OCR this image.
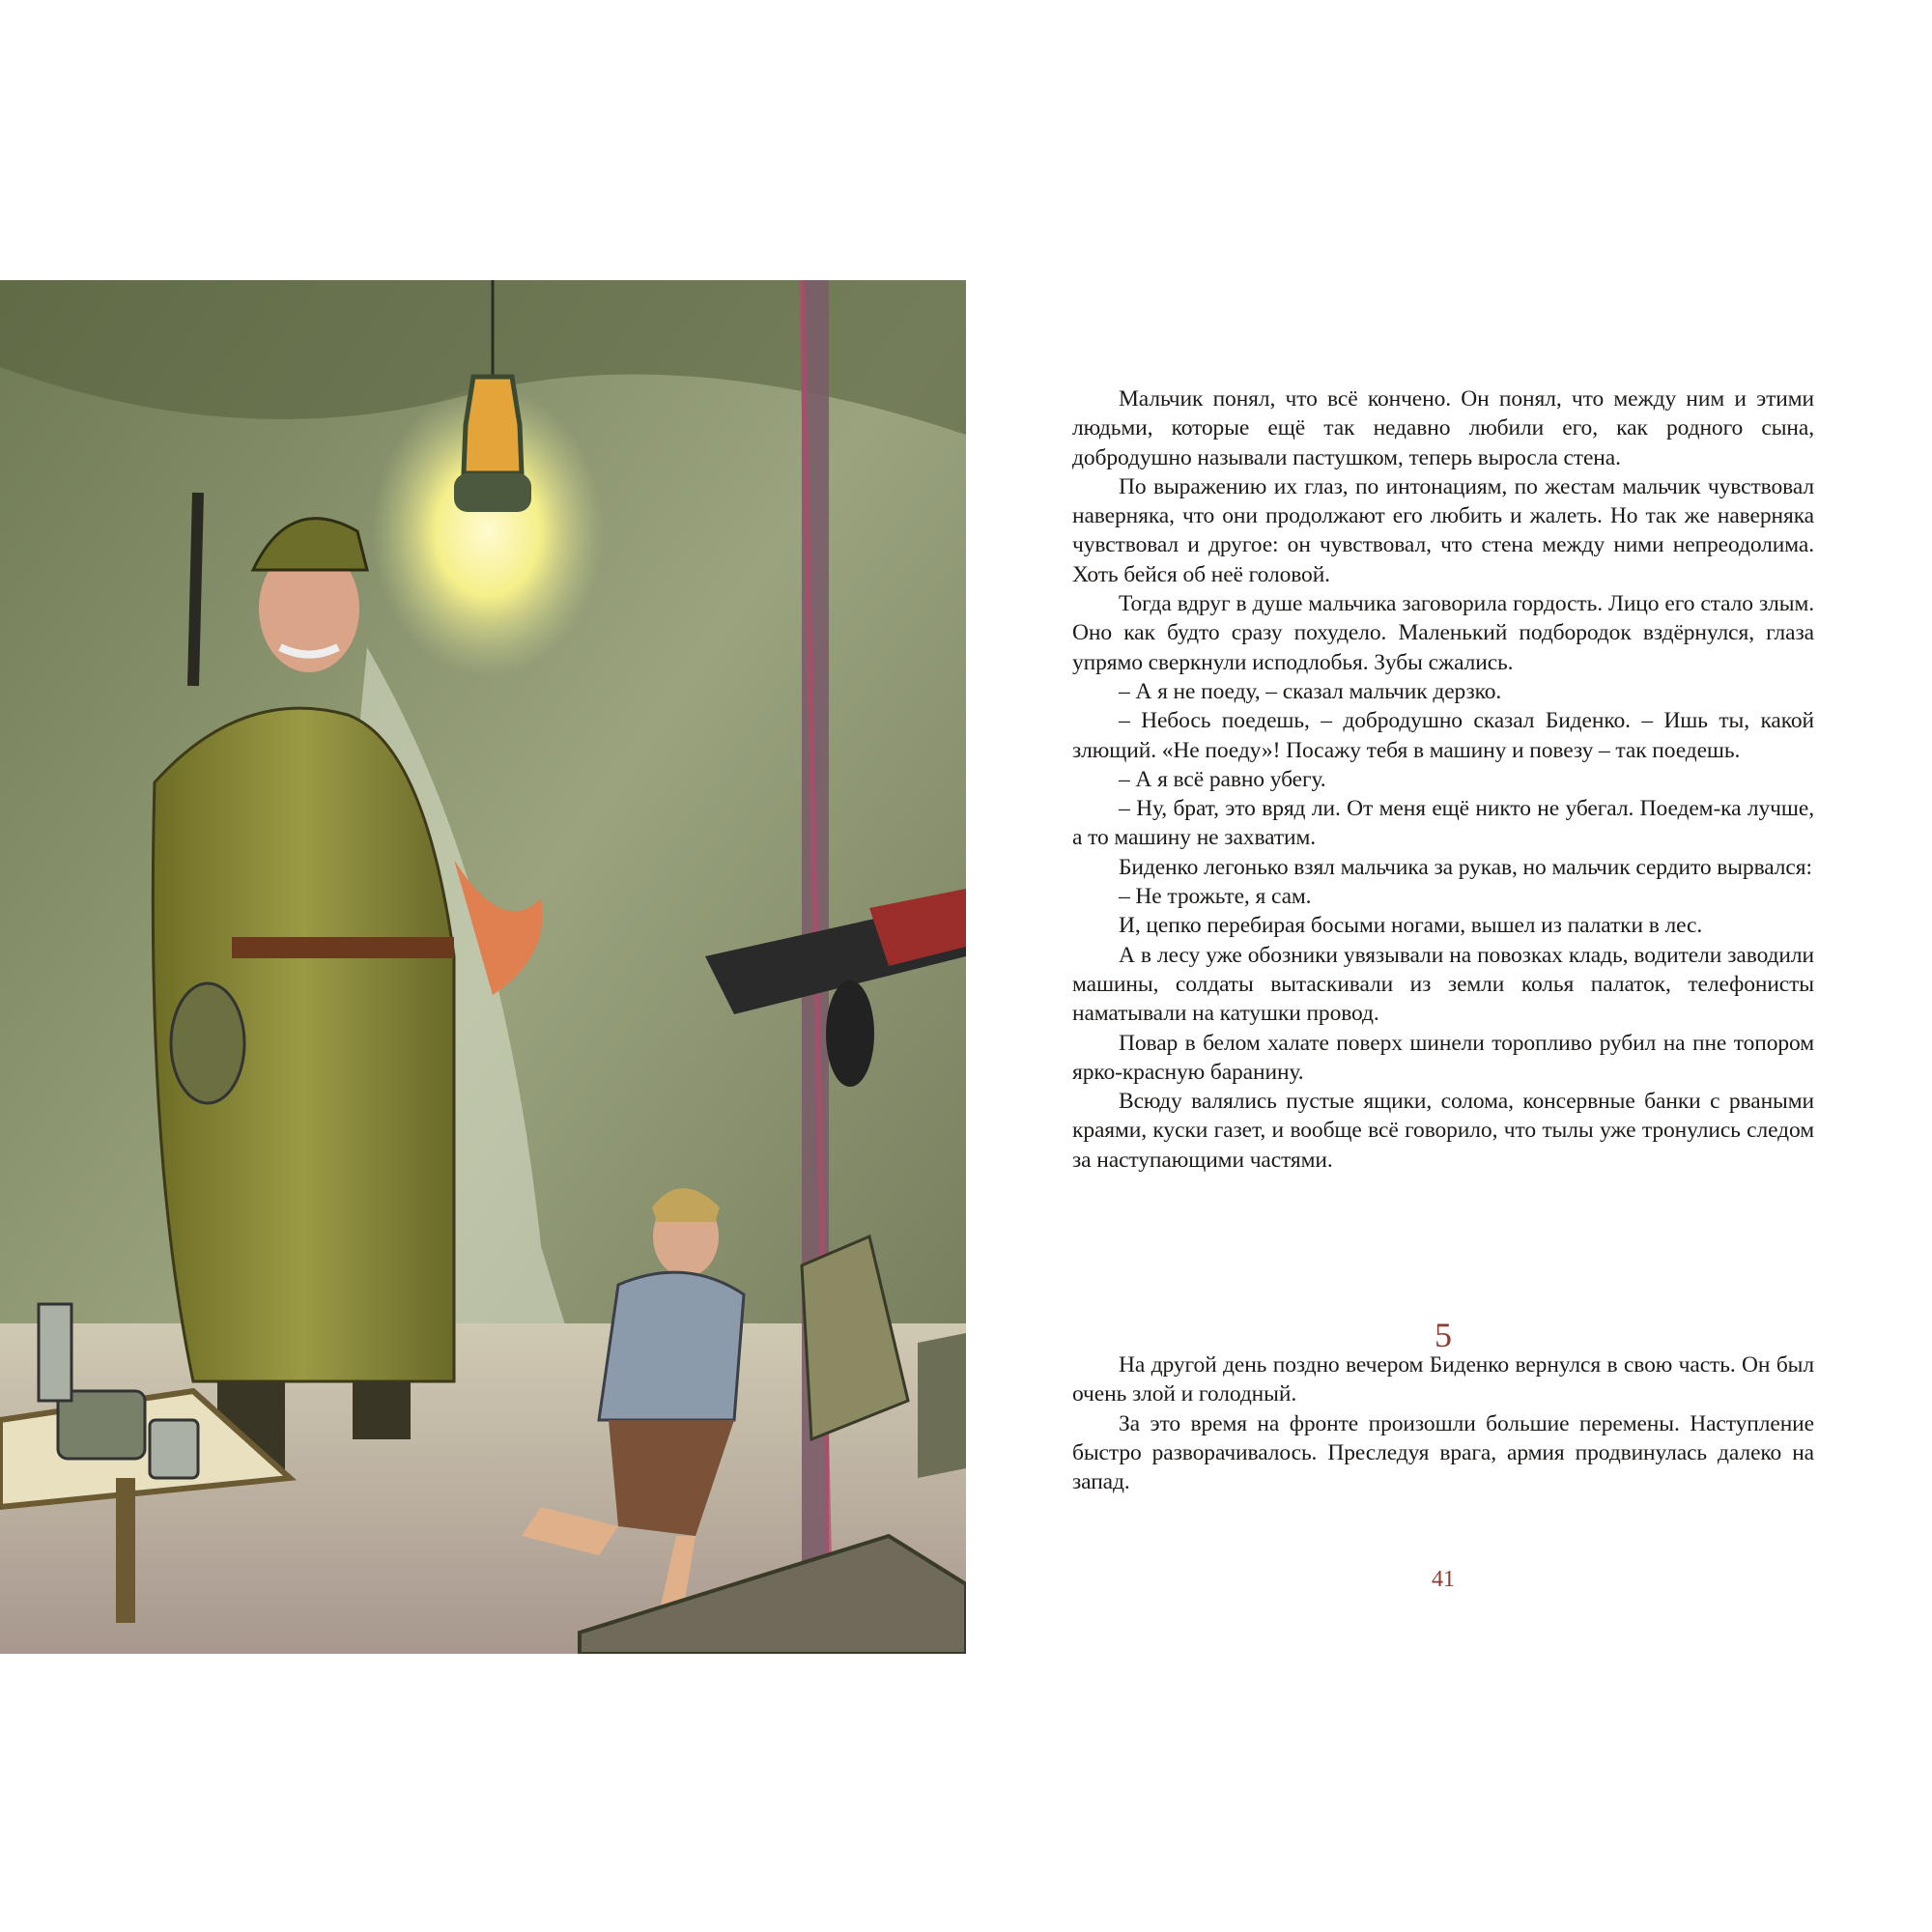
Мальчик понял, что всё кончено. Он понял, что между ним и этими людьми, которые ещё так недавно любили его, как родного сына, добродушно называли пастушком, теперь выросла стена.

По выражению их глаз, по интонациям, по жестам мальчик чувствовал наверняка, что они продолжают его любить и жалеть. Но так же наверняка чувствовал и другое: он чувствовал, что стена между ними непреодолима. Хоть бейся об неё головой.

Тогда вдруг в душе мальчика заговорила гордость. Лицо его стало злым. Оно как будто сразу похудело. Маленький подбородок вздёрнулся, глаза упрямо сверкнули исподлобья. Зубы сжались.

– А я не поеду, – сказал мальчик дерзко.

– Небось поедешь, – добродушно сказал Биденко. – Ишь ты, какой злющий. «Не поеду»! Посажу тебя в машину и повезу – так поедешь.

– А я всё равно убегу.

– Ну, брат, это вряд ли. От меня ещё никто не убегал. Поедем-ка лучше, а то машину не захватим.

Биденко легонько взял мальчика за рукав, но мальчик сердито вырвался:

– Не трожьте, я сам.

И, цепко перебирая босыми ногами, вышел из палатки в лес.

А в лесу уже обозники увязывали на повозках кладь, водители заводили машины, солдаты вытаскивали из земли колья палаток, телефонисты наматывали на катушки провод.

Повар в белом халате поверх шинели торопливо рубил на пне топором ярко-красную баранину.

Всюду валялись пустые ящики, солома, консервные банки с рваными краями, куски газет, и вообще всё говорило, что тылы уже тронулись следом за наступающими частями.

5

На другой день поздно вечером Биденко вернулся в свою часть. Он был очень злой и голодный.

За это время на фронте произошли большие перемены. Наступление быстро разворачивалось. Преследуя врага, армия продвинулась далеко на запад.

41
